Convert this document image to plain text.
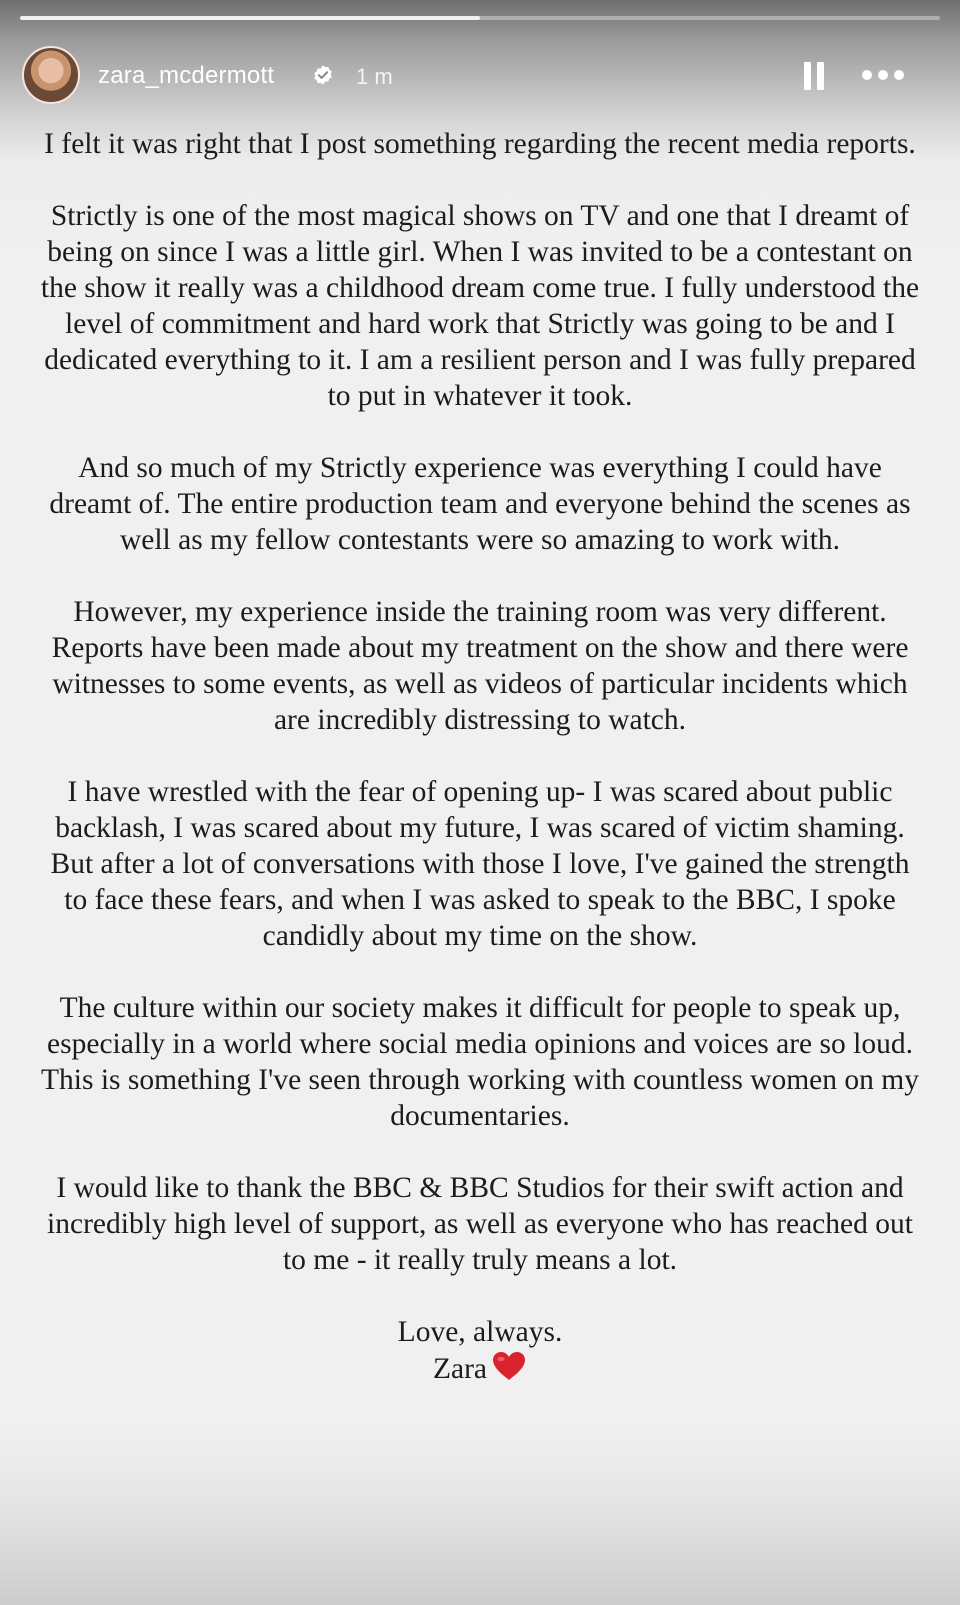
zara_mcdermott	1 m

I felt it was right that I post something regarding the recent media reports.

Strictly is one of the most magical shows on TV and one that I dreamt of being on since I was a little girl. When I was invited to be a contestant on the show it really was a childhood dream come true. I fully understood the level of commitment and hard work that Strictly was going to be and I dedicated everything to it. I am a resilient person and I was fully prepared to put in whatever it took.

And so much of my Strictly experience was everything I could have dreamt of. The entire production team and everyone behind the scenes as well as my fellow contestants were so amazing to work with.

However, my experience inside the training room was very different. Reports have been made about my treatment on the show and there were witnesses to some events, as well as videos of particular incidents which are incredibly distressing to watch.

I have wrestled with the fear of opening up- I was scared about public backlash, I was scared about my future, I was scared of victim shaming. But after a lot of conversations with those I love, I've gained the strength to face these fears, and when I was asked to speak to the BBC, I spoke candidly about my time on the show.

The culture within our society makes it difficult for people to speak up, especially in a world where social media opinions and voices are so loud. This is something I've seen through working with countless women on my documentaries.

I would like to thank the BBC & BBC Studios for their swift action and incredibly high level of support, as well as everyone who has reached out to me - it really truly means a lot.

Love, always.
Zara
